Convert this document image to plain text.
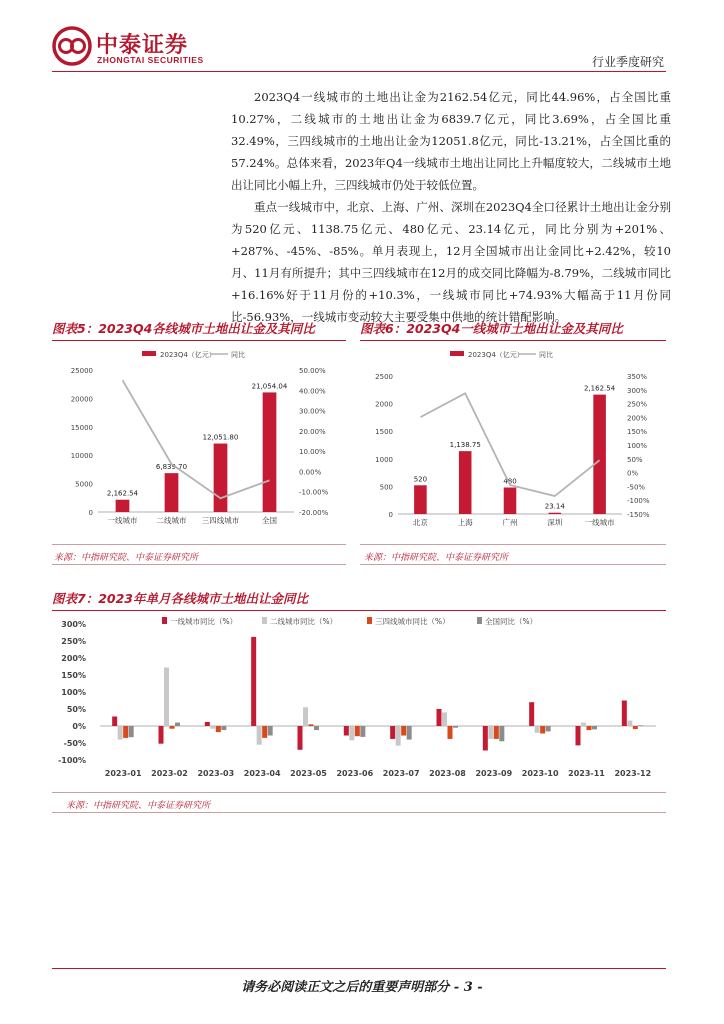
中泰证券
ZHONGTAI SECURITIES	行业季度研究
2023Q4一线城市的土地出让金为2162.54亿元，同比44.96%，占全国比重10.27%，二线城市的土地出让金为6839.7亿元，同比3.69%，占全国比重32.49%，三四线城市的土地出让金为12051.8亿元，同比-13.21%，占全国比重的57.24%。总体来看，2023年Q4一线城市土地出让同比上升幅度较大，二线城市土地出让同比小幅上升，三四线城市仍处于较低位置。
重点一线城市中，北京、上海、广州、深圳在2023Q4全口径累计土地出让金分别为520亿元、1138.75亿元、480亿元、23.14亿元，同比分别为+201%、+287%、-45%、-85%。单月表现上，12月全国城市出让金同比+2.42%，较10月、11月有所提升；其中三四线城市在12月的成交同比降幅为-8.79%，二线城市同比+16.16%好于11月份的+10.3%，一线城市同比+74.93%大幅高于11月份同比-56.93%，一线城市变动较大主要受集中供地的统计错配影响。
图表5：2023Q4各线城市土地出让金及其同比
2023Q4（亿元） 同比
0
5000
10000
15000
20000
25000
-20.00%
-10.00%
0.00%
10.00%
20.00%
30.00%
40.00%
50.00%
2,162.54
一线城市
6,839.70
二线城市
12,051.80
三四线城市
21,054.04
全国
来源：中指研究院、中泰证券研究所
图表6：2023Q4一线城市土地出让金及其同比
2023Q4（亿元） 同比
0
500
1000
1500
2000
2500
-150%
-100%
-50%
0%
50%
100%
150%
200%
250%
300%
350%
520
北京
1,138.75
上海
480
广州
23.14
深圳
2,162.54
一线城市
来源：中指研究院、中泰证券研究所
图表7：2023年单月各线城市土地出让金同比
一线城市同比（%）	二线城市同比（%）	三四线城市同比（%）	全国同比（%）
-100%
-50%
0%
50%
100%
150%
200%
250%
300%
2023-01 2023-02 2023-03 2023-04 2023-05 2023-06 2023-07 2023-08 2023-09 2023-10 2023-11 2023-12
来源：中指研究院、中泰证券研究所
请务必阅读正文之后的重要声明部分 - 3 -
